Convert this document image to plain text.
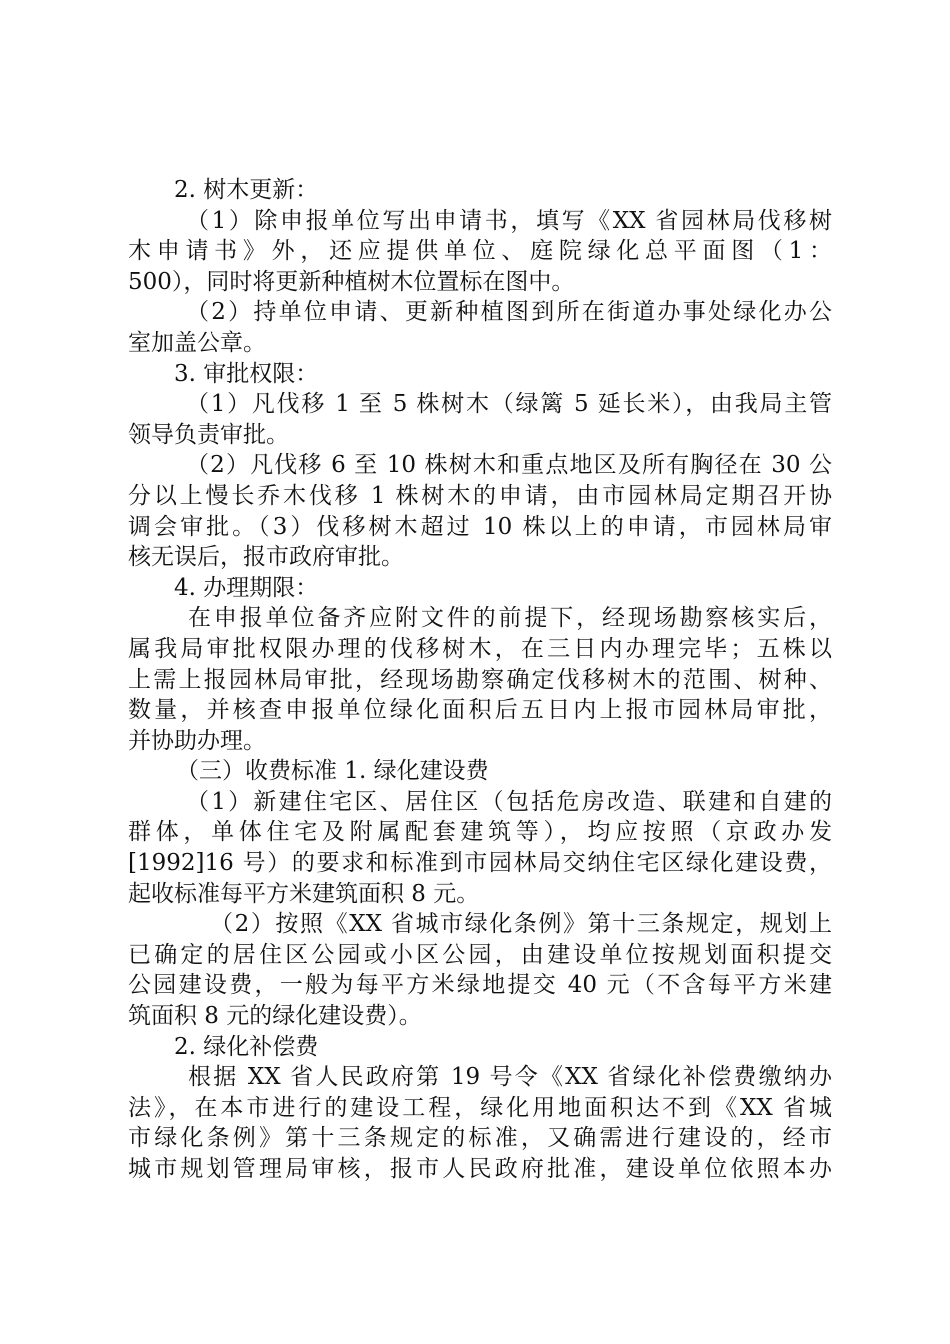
2. 树木更新：
（1）除申报单位写出申请书，填写《XX 省园林局伐移树
木申请书》外，还应提供单位、庭院绿化总平面图（1：
500），同时将更新种植树木位置标在图中。
（2）持单位申请、更新种植图到所在街道办事处绿化办公
室加盖公章。
3. 审批权限：
（1）凡伐移 1 至 5 株树木（绿篱 5 延长米），由我局主管
领导负责审批。
（2）凡伐移 6 至 10 株树木和重点地区及所有胸径在 30 公
分以上慢长乔木伐移 1 株树木的申请，由市园林局定期召开协
调会审批。（3）伐移树木超过 10 株以上的申请，市园林局审
核无误后，报市政府审批。
4. 办理期限：
在申报单位备齐应附文件的前提下，经现场勘察核实后，
属我局审批权限办理的伐移树木，在三日内办理完毕；五株以
上需上报园林局审批，经现场勘察确定伐移树木的范围、树种、
数量，并核查申报单位绿化面积后五日内上报市园林局审批，
并协助办理。
（三）收费标准 1. 绿化建设费
（1）新建住宅区、居住区（包括危房改造、联建和自建的
群体，单体住宅及附属配套建筑等），均应按照（京政办发
[1992]16 号）的要求和标准到市园林局交纳住宅区绿化建设费，
起收标准每平方米建筑面积 8 元。
（2）按照《XX 省城市绿化条例》第十三条规定，规划上
已确定的居住区公园或小区公园，由建设单位按规划面积提交
公园建设费，一般为每平方米绿地提交 40 元（不含每平方米建
筑面积 8 元的绿化建设费）。
2. 绿化补偿费
根据 XX 省人民政府第 19 号令《XX 省绿化补偿费缴纳办
法》，在本市进行的建设工程，绿化用地面积达不到《XX 省城
市绿化条例》第十三条规定的标准，又确需进行建设的，经市
城市规划管理局审核，报市人民政府批准，建设单位依照本办
